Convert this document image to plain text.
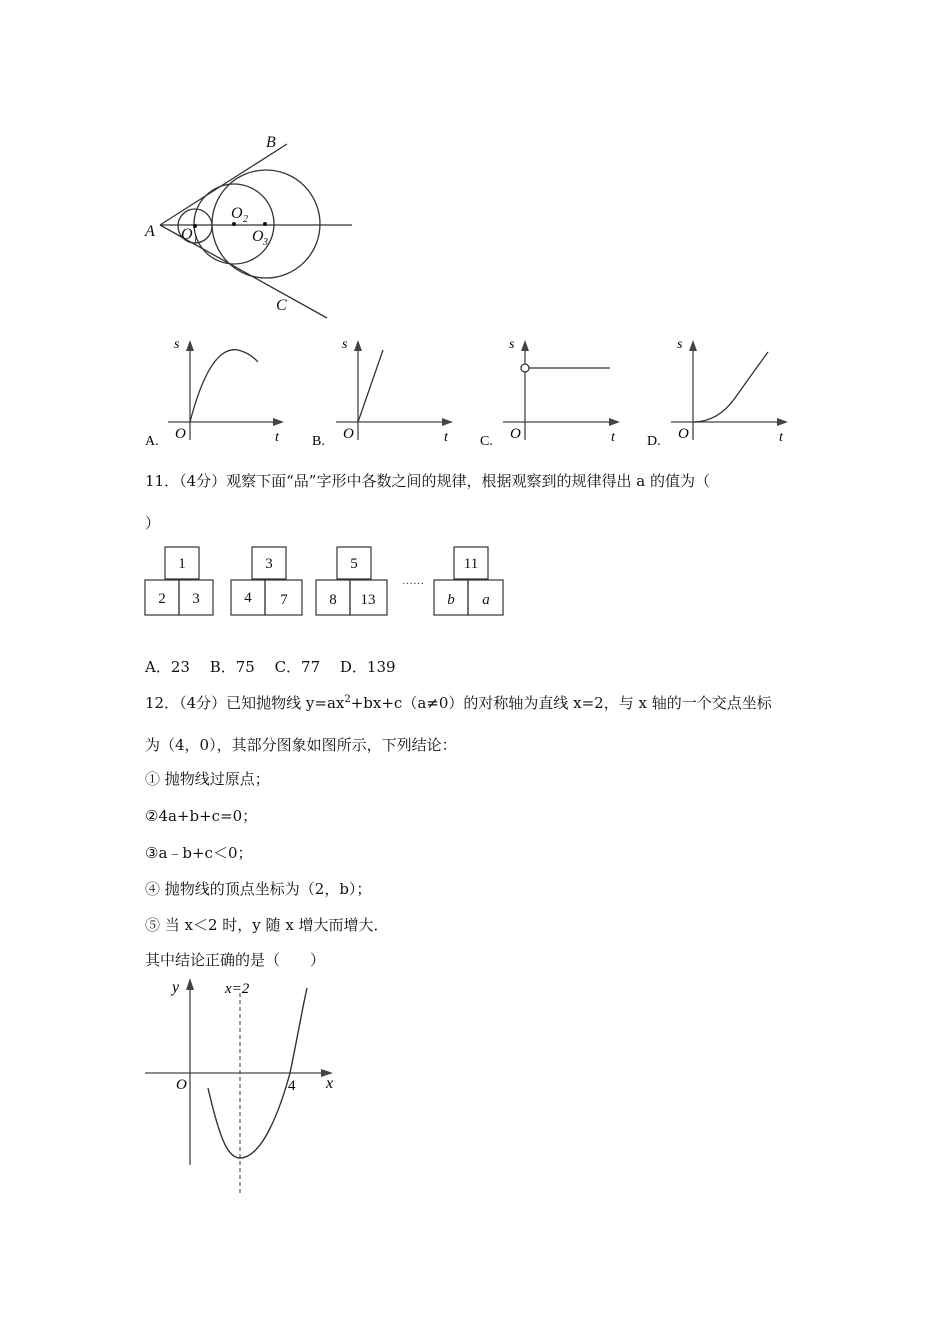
A
B
C
O
O
O
1
2
3
s
O	t
A.
s
O	t
B.
s
O	t
C.
s
O	t
D.
1
2 3
3
4 7
5
8 13
11
b a
……
y	x=2
O	4 x
11．（4分）观察下面“品”字形中各数之间的规律，根据观察到的规律得出 a 的值为（
）
A．23　 B．75　 C．77　 D．139
12．（4分）已知抛物线 $y=ax^2+bx+c(a\ne 0)$的对称轴为直线 x=2，与 x 轴的一个交点坐标
为（4，0），其部分图象如图所示，下列结论：
① 抛物线过原点；
②4a+b+c=0；
③a﹣b+c＜0；
④ 抛物线的顶点坐标为（2，b）；
⑤ 当 x＜2 时，y 随 x 增大而增大．
其中结论正确的是（　　）
